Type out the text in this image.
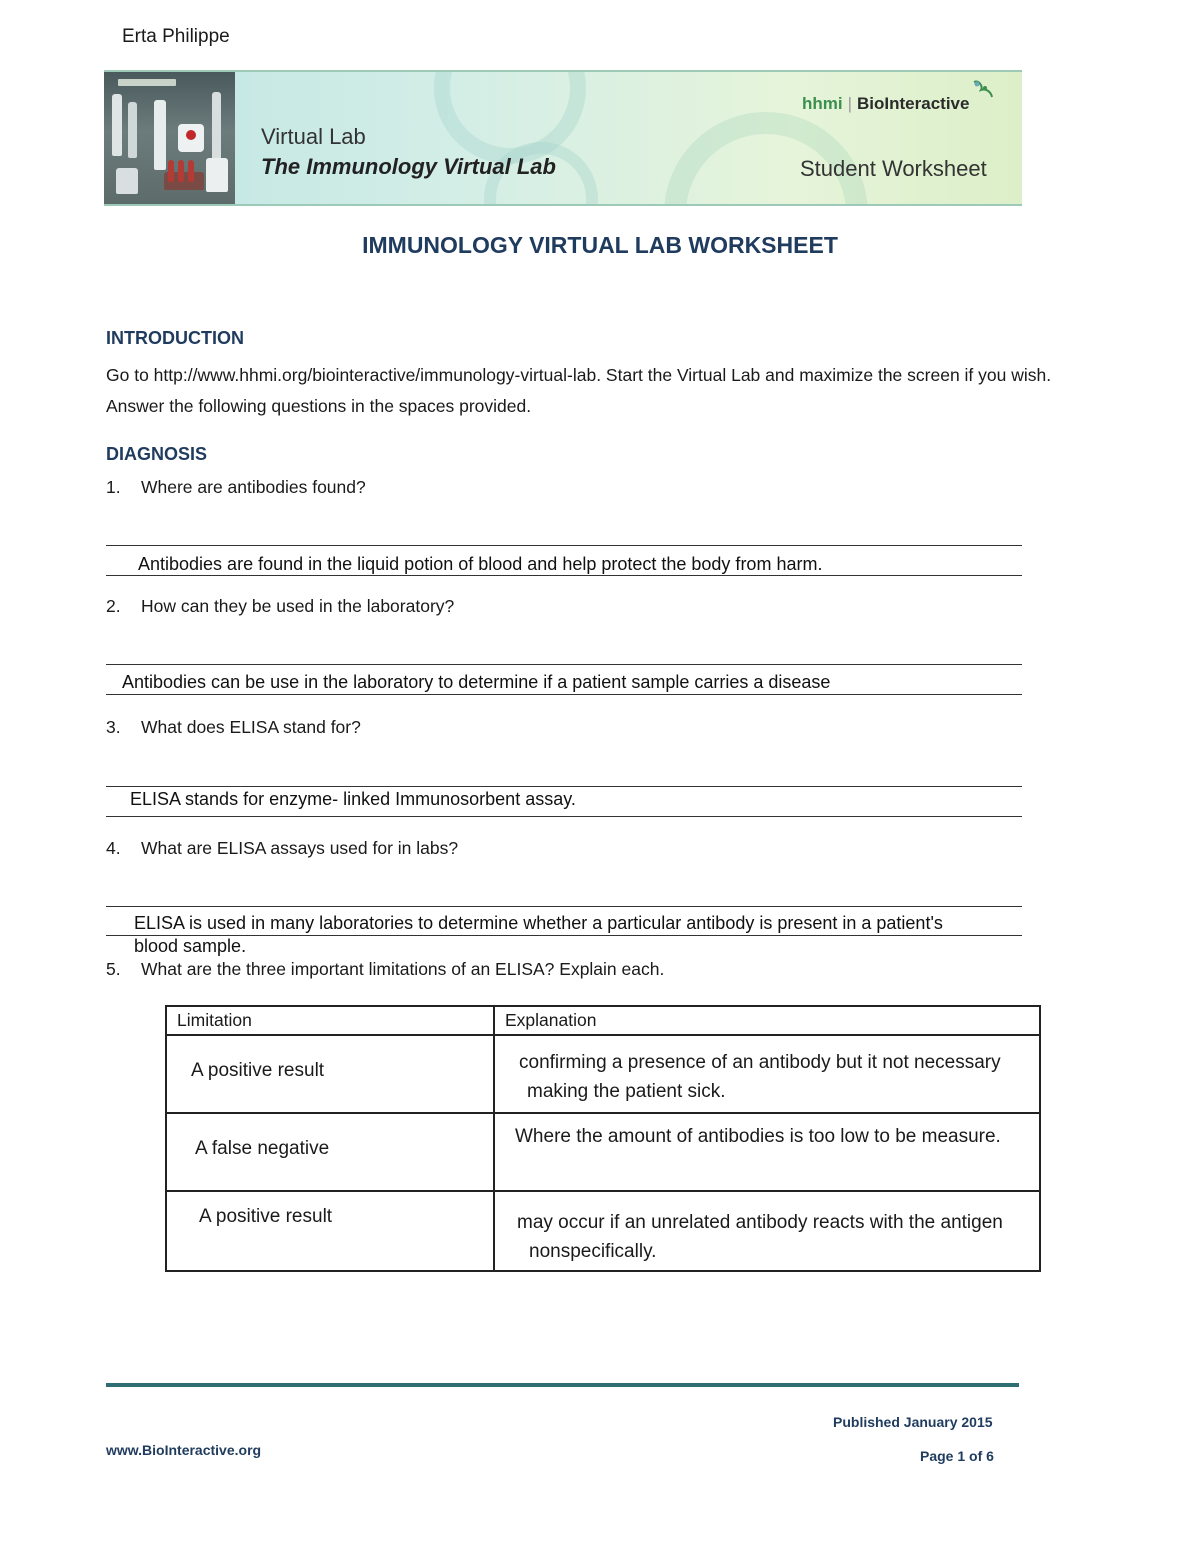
Erta Philippe
hhmi | BioInteractive
Virtual Lab
The Immunology Virtual Lab	Student Worksheet
IMMUNOLOGY VIRTUAL LAB WORKSHEET
INTRODUCTION
Go to http://www.hhmi.org/biointeractive/immunology-virtual-lab. Start the Virtual Lab and maximize the screen if you wish. Answer the following questions in the spaces provided.
DIAGNOSIS
1. Where are antibodies found?
Antibodies are found in the liquid potion of blood and help protect the body from harm.
2. How can they be used in the laboratory?
Antibodies can be use in the laboratory to determine if a patient sample carries a disease
3. What does ELISA stand for?
ELISA stands for enzyme- linked Immunosorbent assay.
4. What are ELISA assays used for in labs?
ELISA is used in many laboratories to determine whether a particular antibody is present in a patient's
blood sample.
5. What are the three important limitations of an ELISA? Explain each.
Limitation	Explanation

A positive result	confirming a presence of an antibody but it not necessary
making the patient sick.

A false negative	Where the amount of antibodies is too low to be measure.

A positive result	may occur if an unrelated antibody reacts with the antigen
nonspecifically.
Published January 2015
Page 1 of 6
www.BioInteractive.org
